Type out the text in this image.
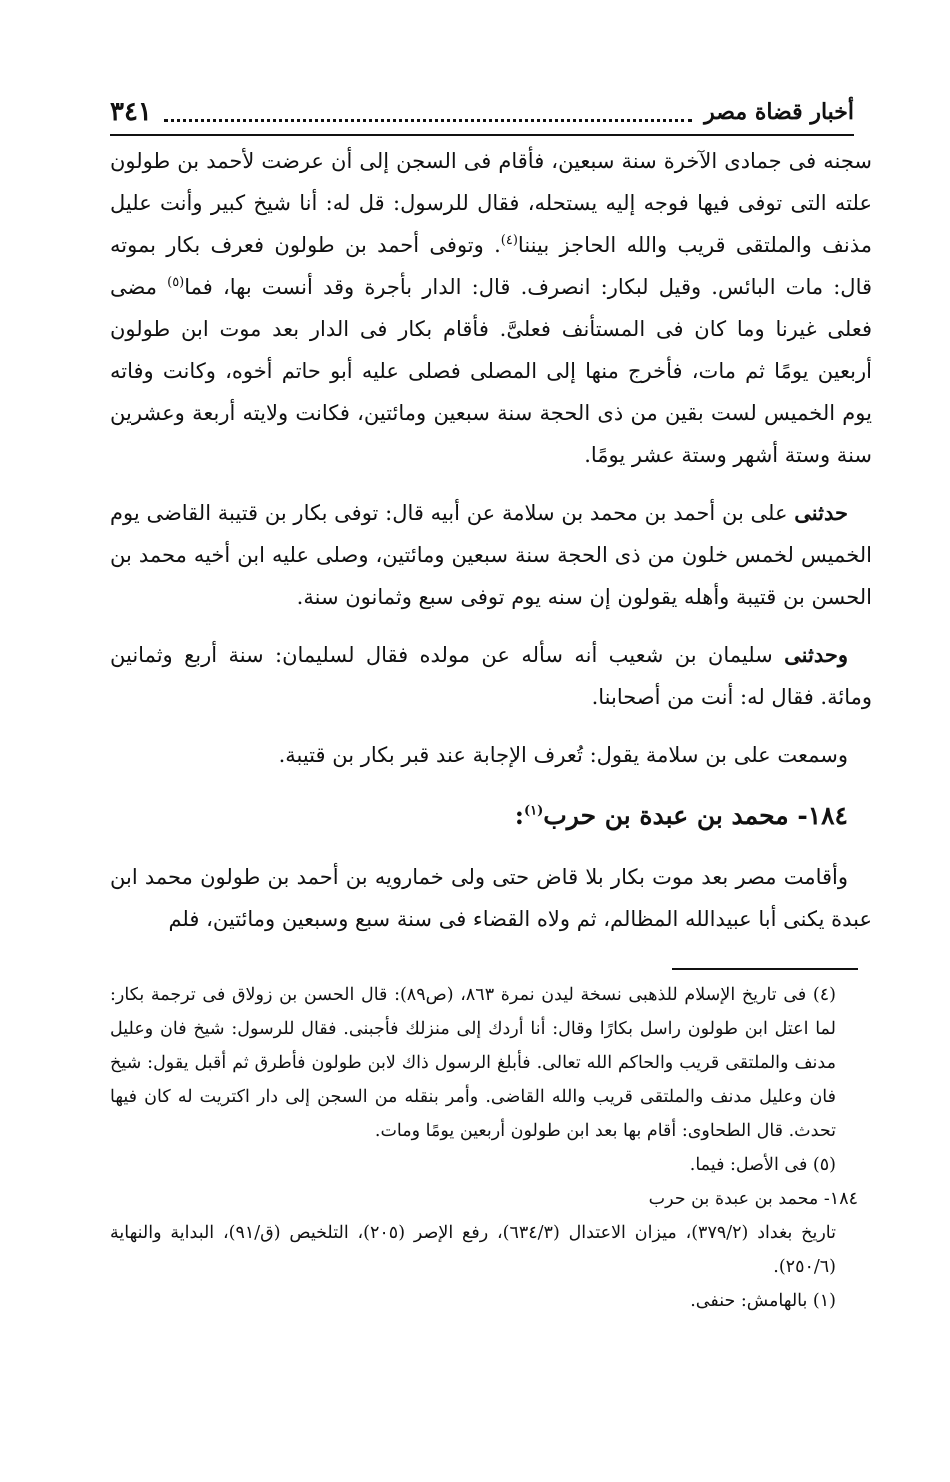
أخبار قضاة مصر
٣٤١

سجنه فى جمادى الآخرة سنة سبعين، فأقام فى السجن إلى أن عرضت لأحمد بن طولون علته التى توفى فيها فوجه إليه يستحله، فقال للرسول: قل له: أنا شيخ كبير وأنت عليل مذنف والملتقى قريب والله الحاجز بيننا$^{(٤)}$. وتوفى أحمد بن طولون فعرف بكار بموته قال: مات البائس. وقيل لبكار: انصرف. قال: الدار بأجرة وقد أنست بها، فما$^{(٥)}$ مضى فعلى غيرنا وما كان فى المستأنف فعلىَّ. فأقام بكار فى الدار بعد موت ابن طولون أربعين يومًا ثم مات، فأخرج منها إلى المصلى فصلى عليه أبو حاتم أخوه، وكانت وفاته يوم الخميس لست بقين من ذى الحجة سنة سبعين ومائتين، فكانت ولايته أربعة وعشرين سنة وستة أشهر وستة عشر يومًا.

حدثنى على بن أحمد بن محمد بن سلامة عن أبيه قال: توفى بكار بن قتيبة القاضى يوم الخميس لخمس خلون من ذى الحجة سنة سبعين ومائتين، وصلى عليه ابن أخيه محمد بن الحسن بن قتيبة وأهله يقولون إن سنه يوم توفى سبع وثمانون سنة.

وحدثنى سليمان بن شعيب أنه سأله عن مولده فقال لسليمان: سنة أربع وثمانين ومائة. فقال له: أنت من أصحابنا.

وسمعت على بن سلامة يقول: تُعرف الإجابة عند قبر بكار بن قتيبة.

١٨٤- محمد بن عبدة بن حرب$^{(١)}$:

وأقامت مصر بعد موت بكار بلا قاض حتى ولى خمارويه بن أحمد بن طولون محمد ابن عبدة يكنى أبا عبيدالله المظالم، ثم ولاه القضاء فى سنة سبع وسبعين ومائتين، فلم

(٤) فى تاريخ الإسلام للذهبى نسخة ليدن نمرة ٨٦٣، (ص٨٩): قال الحسن بن زولاق فى ترجمة بكار: لما اعتل ابن طولون راسل بكارًا وقال: أنا أردك إلى منزلك فأجبنى. فقال للرسول: شيخ فان وعليل مدنف والملتقى قريب والحاكم الله تعالى. فأبلغ الرسول ذاك لابن طولون فأطرق ثم أقبل يقول: شيخ فان وعليل مدنف والملتقى قريب والله القاضى. وأمر بنقله من السجن إلى دار اكتريت له كان فيها تحدث. قال الطحاوى: أقام بها بعد ابن طولون أربعين يومًا ومات.

(٥) فى الأصل: فيما.

١٨٤- محمد بن عبدة بن حرب

تاريخ بغداد (٣٧٩/٢)، ميزان الاعتدال (٦٣٤/٣)، رفع الإصر (٢٠٥)، التلخيص (ق/٩١)، البداية والنهاية (٢٥٠/٦).

(١) بالهامش: حنفى.
